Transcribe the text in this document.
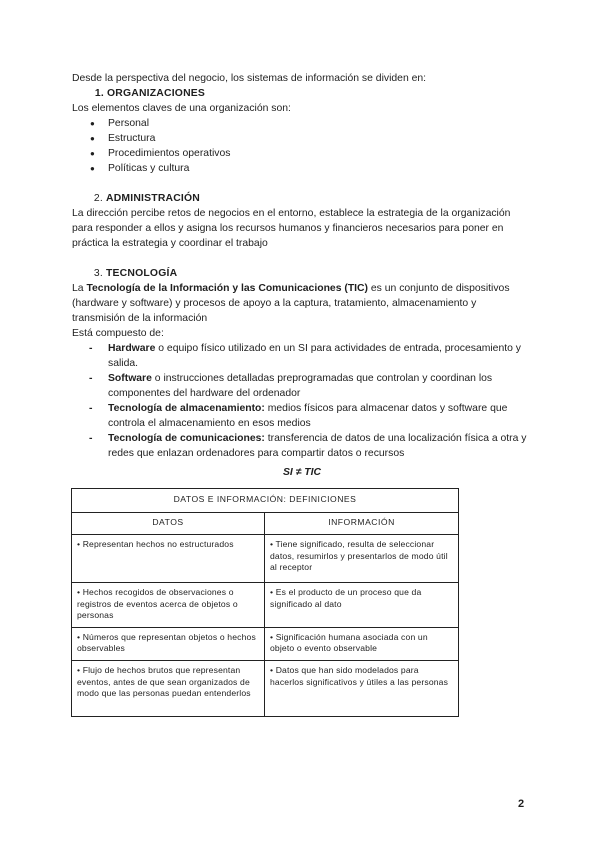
Desde la perspectiva del negocio, los sistemas de información se dividen en:

1. ORGANIZACIONES

Los elementos claves de una organización son:

● Personal
● Estructura
● Procedimientos operativos
● Políticas y cultura
2. ADMINISTRACIÓN

La dirección percibe retos de negocios en el entorno, establece la estrategia de la organización para responder a ellos y asigna los recursos humanos y financieros necesarios para poner en práctica la estrategia y coordinar el trabajo

3. TECNOLOGÍA

La Tecnología de la Información y las Comunicaciones (TIC) es un conjunto de dispositivos (hardware y software) y procesos de apoyo a la captura, tratamiento, almacenamiento y transmisión de la información

Está compuesto de:

- Hardware o equipo físico utilizado en un SI para actividades de entrada, procesamiento y salida.
- Software o instrucciones detalladas preprogramadas que controlan y coordinan los componentes del hardware del ordenador
- Tecnología de almacenamiento: medios físicos para almacenar datos y software que controla el almacenamiento en esos medios
- Tecnología de comunicaciones: transferencia de datos de una localización física a otra y redes que enlazan ordenadores para compartir datos o recursos

SI ≠ TIC

DATOS E INFORMACIÓN: DEFINICIONES	
DATOS	INFORMACIÓN
• Representan hechos no estructurados	• Tiene significado, resulta de seleccionar datos, resumirlos y presentarlos de modo útil al receptor
• Hechos recogidos de observaciones o registros de eventos acerca de objetos o personas	• Es el producto de un proceso que da significado al dato
• Números que representan objetos o hechos observables	• Significación humana asociada con un objeto o evento observable
• Flujo de hechos brutos que representan eventos, antes de que sean organizados de modo que las personas puedan entenderlos	• Datos que han sido modelados para hacerlos significativos y útiles a las personas
2
